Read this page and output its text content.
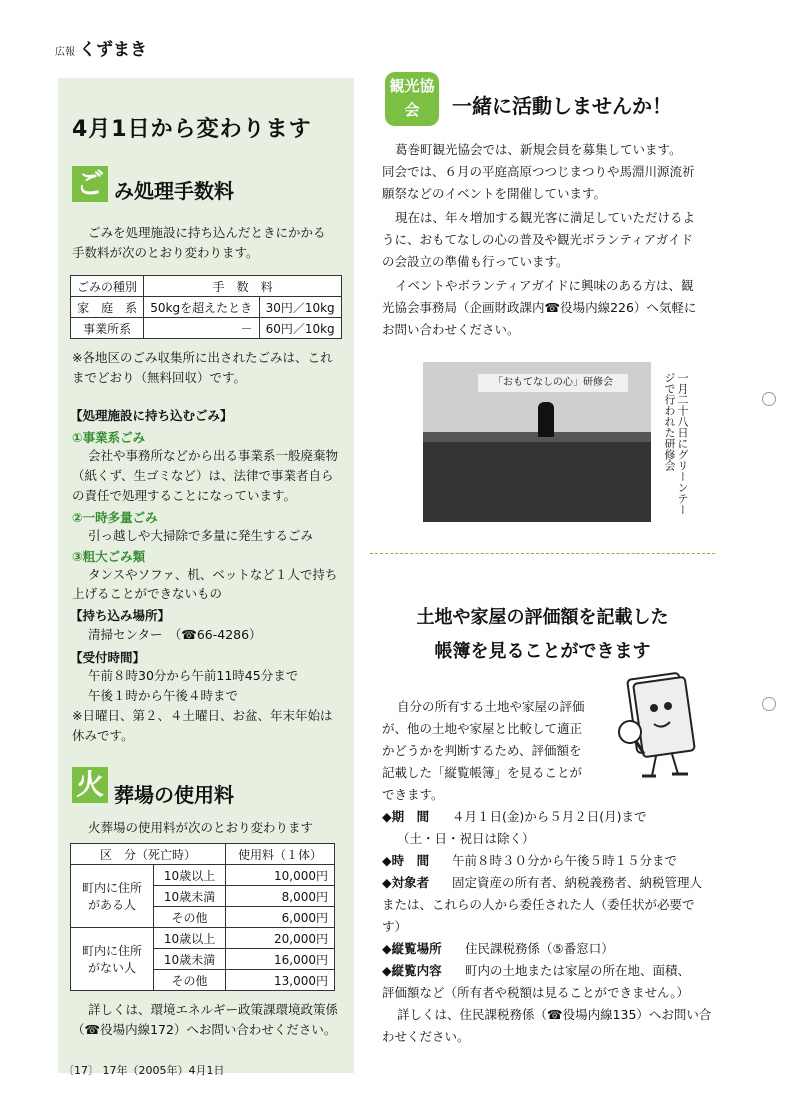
広報 くずまき
4月1日から変わります
ご み処理手数料
ごみを処理施設に持ち込んだときにかかる
手数料が次のとおり変わります。
ごみの種別	手　数　料	
家　庭　系	50kgを超えたとき	30円／10kg
事業所系	－	60円／10kg
※各地区のごみ収集所に出されたごみは、これ
までどおり（無料回収）です。
【処理施設に持ち込むごみ】
①事業系ごみ
会社や事務所などから出る事業系一般廃棄物
（紙くず、生ゴミなど）は、法律で事業者自ら
の責任で処理することになっています。
②一時多量ごみ
引っ越しや大掃除で多量に発生するごみ
③粗大ごみ類
タンスやソファ、机、ベットなど１人で持ち
上げることができないもの
【持ち込み場所】
清掃センター　（☎66-4286）
【受付時間】
午前８時30分から午前11時45分まで
午後１時から午後４時まで
※日曜日、第２、４土曜日、お盆、年末年始は
休みです。
火 葬場の使用料
火葬場の使用料が次のとおり変わります
区　分（死亡時）		使用料（１体）
町内に住所がある人	10歳以上	10,000円
	10歳未満	8,000円
	その他	6,000円
町内に住所がない人	10歳以上	20,000円
	10歳未満	16,000円
	その他	13,000円
詳しくは、環境エネルギー政策課環境政策係
（☎役場内線172）へお問い合わせください。
観光協会	一緒に活動しませんか！
葛巻町観光協会では、新規会員を募集しています。
同会では、６月の平庭高原つつじまつりや馬淵川源流祈
願祭などのイベントを開催しています。
現在は、年々増加する観光客に満足していただけるよ
うに、おもてなしの心の普及や観光ボランティアガイド
の会設立の準備も行っています。
イベントやボランティアガイドに興味のある方は、観
光協会事務局（企画財政課内☎役場内線226）へ気軽に
お問い合わせください。
「おもてなしの心」研修会	一月二十八日にグリーンテージで行われた研修会
土地や家屋の評価額を記載した
帳簿を見ることができます
自分の所有する土地や家屋の評価
が、他の土地や家屋と比較して適正
かどうかを判断するため、評価額を
記載した「縦覧帳簿」を見ることが
できます。
◆期　間 ４月１日(金)から５月２日(月)まで
（土・日・祝日は除く）
◆時　間 午前８時３０分から午後５時１５分まで
◆対象者 固定資産の所有者、納税義務者、納税管理人
または、これらの人から委任された人（委任状が必要で
す）
◆縦覧場所 住民課税務係（⑤番窓口）
◆縦覧内容 町内の土地または家屋の所在地、面積、
評価額など（所有者や税額は見ることができません。）
詳しくは、住民課税務係（☎役場内線135）へお問い合
わせください。
〔17〕 17年（2005年）4月1日
